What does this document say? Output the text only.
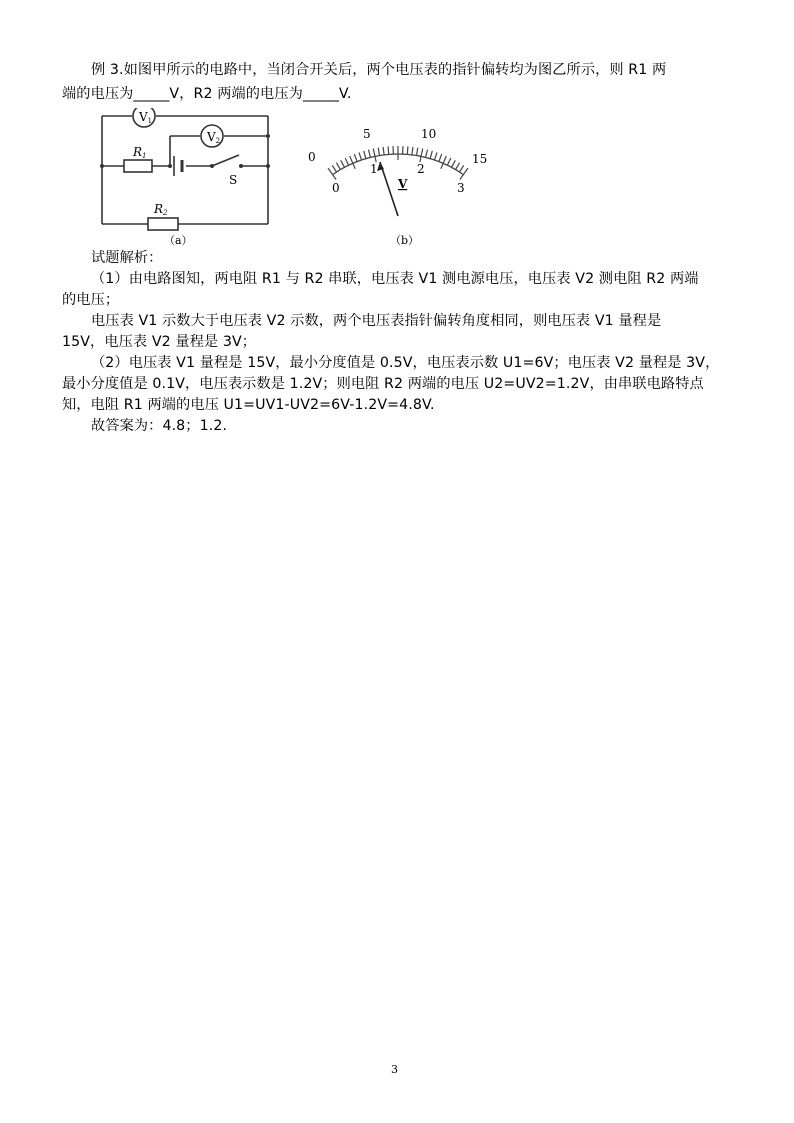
例 3.如图甲所示的电路中，当闭合开关后，两个电压表的指针偏转均为图乙所示，则 R1 两
端的电压为_____V，R2 两端的电压为_____V.
V1
V2
R1
R2
S
（a）
0
5	10
15
0
1	2
3
V
（b）
试题解析：
（1）由电路图知，两电阻 R1 与 R2 串联，电压表 V1 测电源电压，电压表 V2 测电阻 R2 两端
的电压；
电压表 V1 示数大于电压表 V2 示数，两个电压表指针偏转角度相同，则电压表 V1 量程是
15V，电压表 V2 量程是 3V；
（2）电压表 V1 量程是 15V，最小分度值是 0.5V，电压表示数 U1=6V；电压表 V2 量程是 3V，
最小分度值是 0.1V，电压表示数是 1.2V；则电阻 R2 两端的电压 U2=UV2=1.2V，由串联电路特点
知，电阻 R1 两端的电压 U1=UV1-UV2=6V-1.2V=4.8V.
故答案为：4.8；1.2.
3
